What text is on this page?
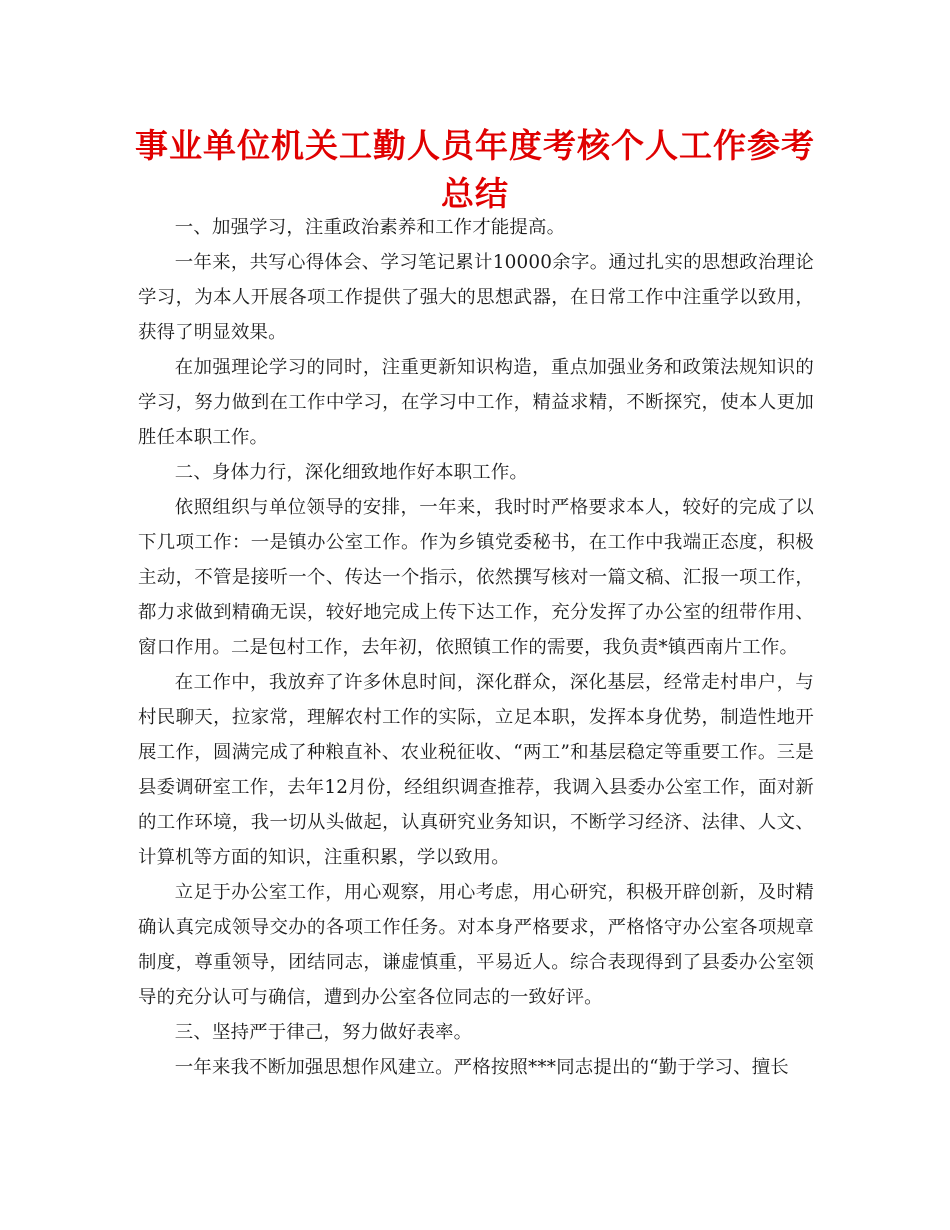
事业单位机关工勤人员年度考核个人工作参考总结

一、加强学习，注重政治素养和工作才能提高。

一年来，共写心得体会、学习笔记累计10000余字。通过扎实的思想政治理论学习，为本人开展各项工作提供了强大的思想武器，在日常工作中注重学以致用，获得了明显效果。

在加强理论学习的同时，注重更新知识构造，重点加强业务和政策法规知识的学习，努力做到在工作中学习，在学习中工作，精益求精，不断探究，使本人更加胜任本职工作。

二、身体力行，深化细致地作好本职工作。

依照组织与单位领导的安排，一年来，我时时严格要求本人，较好的完成了以下几项工作：一是镇办公室工作。作为乡镇党委秘书，在工作中我端正态度，积极主动，不管是接听一个、传达一个指示，依然撰写核对一篇文稿、汇报一项工作，都力求做到精确无误，较好地完成上传下达工作，充分发挥了办公室的纽带作用、窗口作用。二是包村工作，去年初，依照镇工作的需要，我负责*镇西南片工作。

在工作中，我放弃了许多休息时间，深化群众，深化基层，经常走村串户，与村民聊天，拉家常，理解农村工作的实际，立足本职，发挥本身优势，制造性地开展工作，圆满完成了种粮直补、农业税征收、“两工”和基层稳定等重要工作。三是县委调研室工作，去年12月份，经组织调查推荐，我调入县委办公室工作，面对新的工作环境，我一切从头做起，认真研究业务知识，不断学习经济、法律、人文、计算机等方面的知识，注重积累，学以致用。

立足于办公室工作，用心观察，用心考虑，用心研究，积极开辟创新，及时精确认真完成领导交办的各项工作任务。对本身严格要求，严格恪守办公室各项规章制度，尊重领导，团结同志，谦虚慎重，平易近人。综合表现得到了县委办公室领导的充分认可与确信，遭到办公室各位同志的一致好评。

三、坚持严于律己，努力做好表率。

一年来我不断加强思想作风建立。严格按照***同志提出的“勤于学习、擅长
